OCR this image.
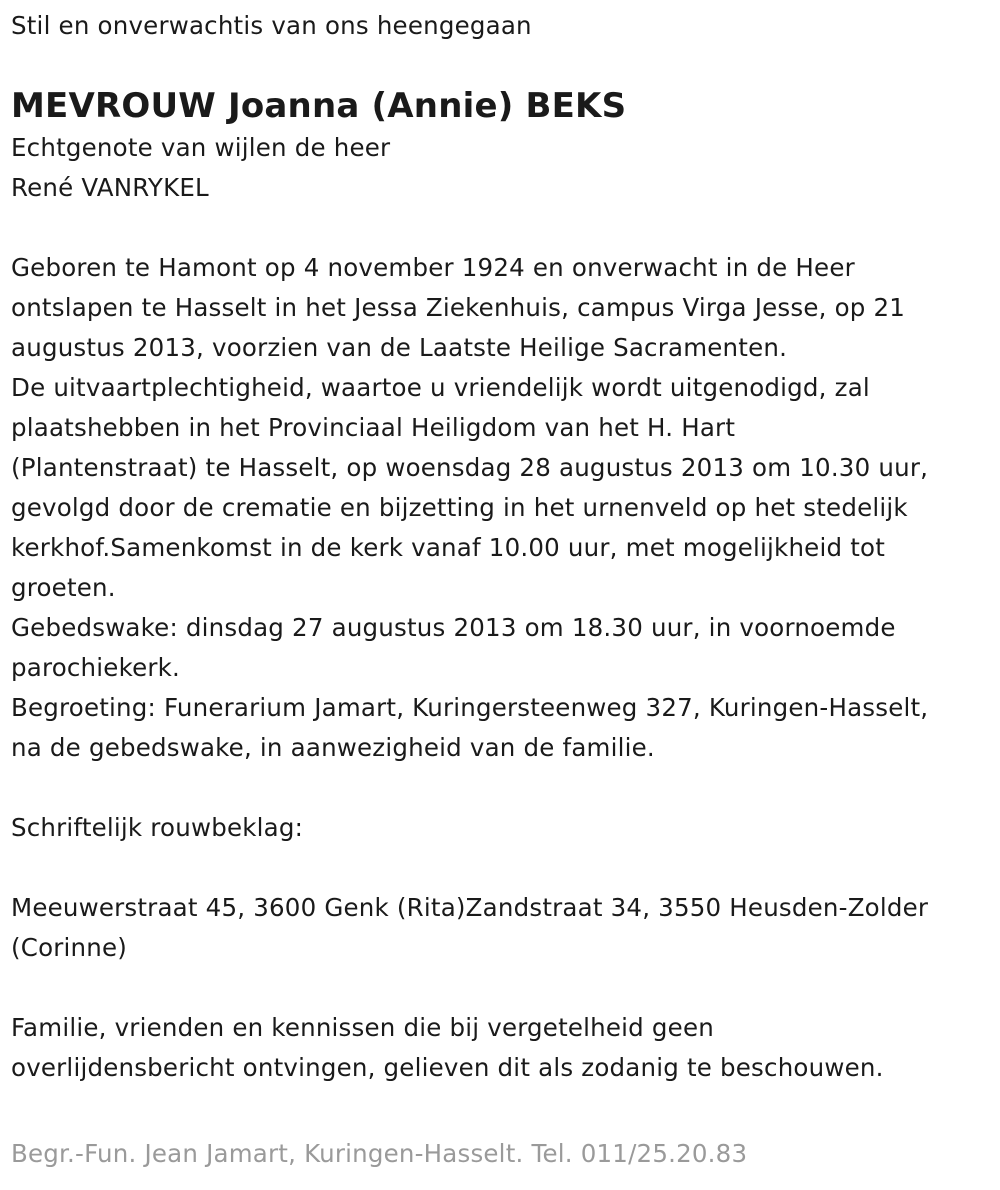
Stil en onverwachtis van ons heengegaan
MEVROUW Joanna (Annie) BEKS
Echtgenote van wijlen de heer
René VANRYKEL
Geboren te Hamont op 4 november 1924 en onverwacht in de Heer
ontslapen te Hasselt in het Jessa Ziekenhuis, campus Virga Jesse, op 21
augustus 2013, voorzien van de Laatste Heilige Sacramenten.
De uitvaartplechtigheid, waartoe u vriendelijk wordt uitgenodigd, zal
plaatshebben in het Provinciaal Heiligdom van het H. Hart
(Plantenstraat) te Hasselt, op woensdag 28 augustus 2013 om 10.30 uur,
gevolgd door de crematie en bijzetting in het urnenveld op het stedelijk
kerkhof.Samenkomst in de kerk vanaf 10.00 uur, met mogelijkheid tot
groeten.
Gebedswake: dinsdag 27 augustus 2013 om 18.30 uur, in voornoemde
parochiekerk.
Begroeting: Funerarium Jamart, Kuringersteenweg 327, Kuringen-Hasselt,
na de gebedswake, in aanwezigheid van de familie.
Schriftelijk rouwbeklag:
Meeuwerstraat 45, 3600 Genk (Rita)Zandstraat 34, 3550 Heusden-Zolder
(Corinne)
Familie, vrienden en kennissen die bij vergetelheid geen
overlijdensbericht ontvingen, gelieven dit als zodanig te beschouwen.
Begr.-Fun. Jean Jamart, Kuringen-Hasselt. Tel. 011/25.20.83
